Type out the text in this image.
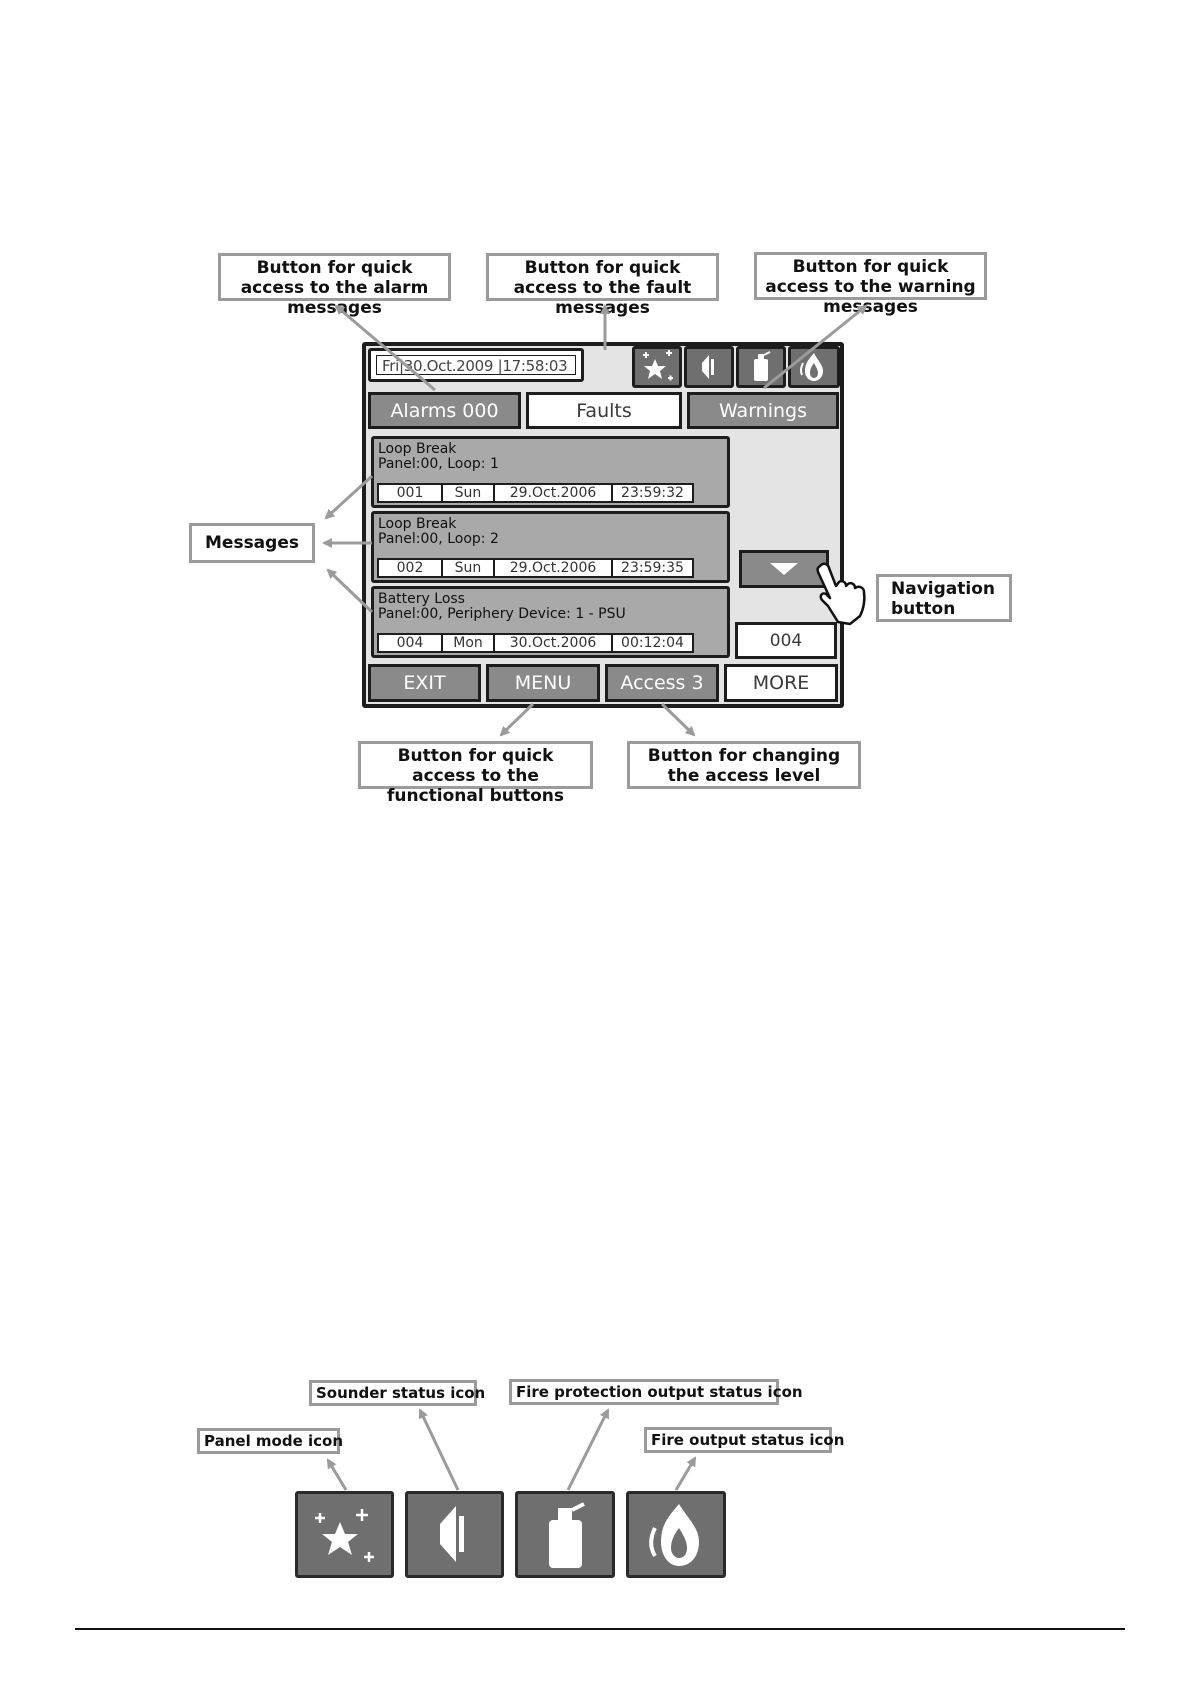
Button for quick access to the alarm messages
Button for quick access to the fault messages
Button for quick access to the warning messages
Messages
Navigation button
Button for quick access to the functional buttons
Button for changing the access level
Fri|30.Oct.2009 |17:58:03
Alarms 000	Faults	Warnings
Loop Break
Panel:00, Loop: 1
001	Sun	29.Oct.2006	23:59:32
Loop Break
Panel:00, Loop: 2
002	Sun	29.Oct.2006	23:59:35
Battery Loss
Panel:00, Periphery Device: 1 - PSU
004	Mon	30.Oct.2006	00:12:04	004
EXIT	MENU	Access 3	MORE
Sounder status icon	Fire protection output status icon
Panel mode icon	Fire output status icon
